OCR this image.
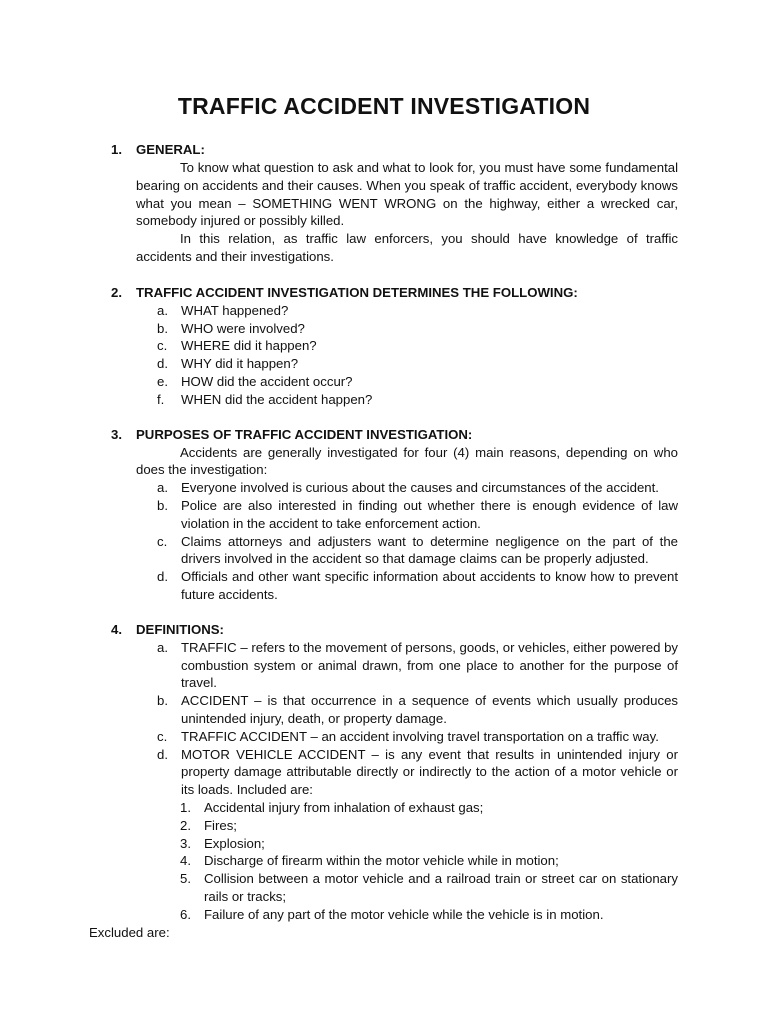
TRAFFIC ACCIDENT INVESTIGATION
1. GENERAL:
To know what question to ask and what to look for, you must have some fundamental bearing on accidents and their causes. When you speak of traffic accident, everybody knows what you mean – SOMETHING WENT WRONG on the highway, either a wrecked car, somebody injured or possibly killed.
In this relation, as traffic law enforcers, you should have knowledge of traffic accidents and their investigations.
2. TRAFFIC ACCIDENT INVESTIGATION DETERMINES THE FOLLOWING:
a. WHAT happened?
b. WHO were involved?
c. WHERE did it happen?
d. WHY did it happen?
e. HOW did the accident occur?
f. WHEN did the accident happen?
3. PURPOSES OF TRAFFIC ACCIDENT INVESTIGATION:
Accidents are generally investigated for four (4) main reasons, depending on who does the investigation:
a. Everyone involved is curious about the causes and circumstances of the accident.
b. Police are also interested in finding out whether there is enough evidence of law violation in the accident to take enforcement action.
c. Claims attorneys and adjusters want to determine negligence on the part of the drivers involved in the accident so that damage claims can be properly adjusted.
d. Officials and other want specific information about accidents to know how to prevent future accidents.
4. DEFINITIONS:
a. TRAFFIC – refers to the movement of persons, goods, or vehicles, either powered by combustion system or animal drawn, from one place to another for the purpose of travel.
b. ACCIDENT – is that occurrence in a sequence of events which usually produces unintended injury, death, or property damage.
c. TRAFFIC ACCIDENT – an accident involving travel transportation on a traffic way.
d. MOTOR VEHICLE ACCIDENT – is any event that results in unintended injury or property damage attributable directly or indirectly to the action of a motor vehicle or its loads. Included are:
1. Accidental injury from inhalation of exhaust gas;
2. Fires;
3. Explosion;
4. Discharge of firearm within the motor vehicle while in motion;
5. Collision between a motor vehicle and a railroad train or street car on stationary rails or tracks;
6. Failure of any part of the motor vehicle while the vehicle is in motion.
Excluded are:
